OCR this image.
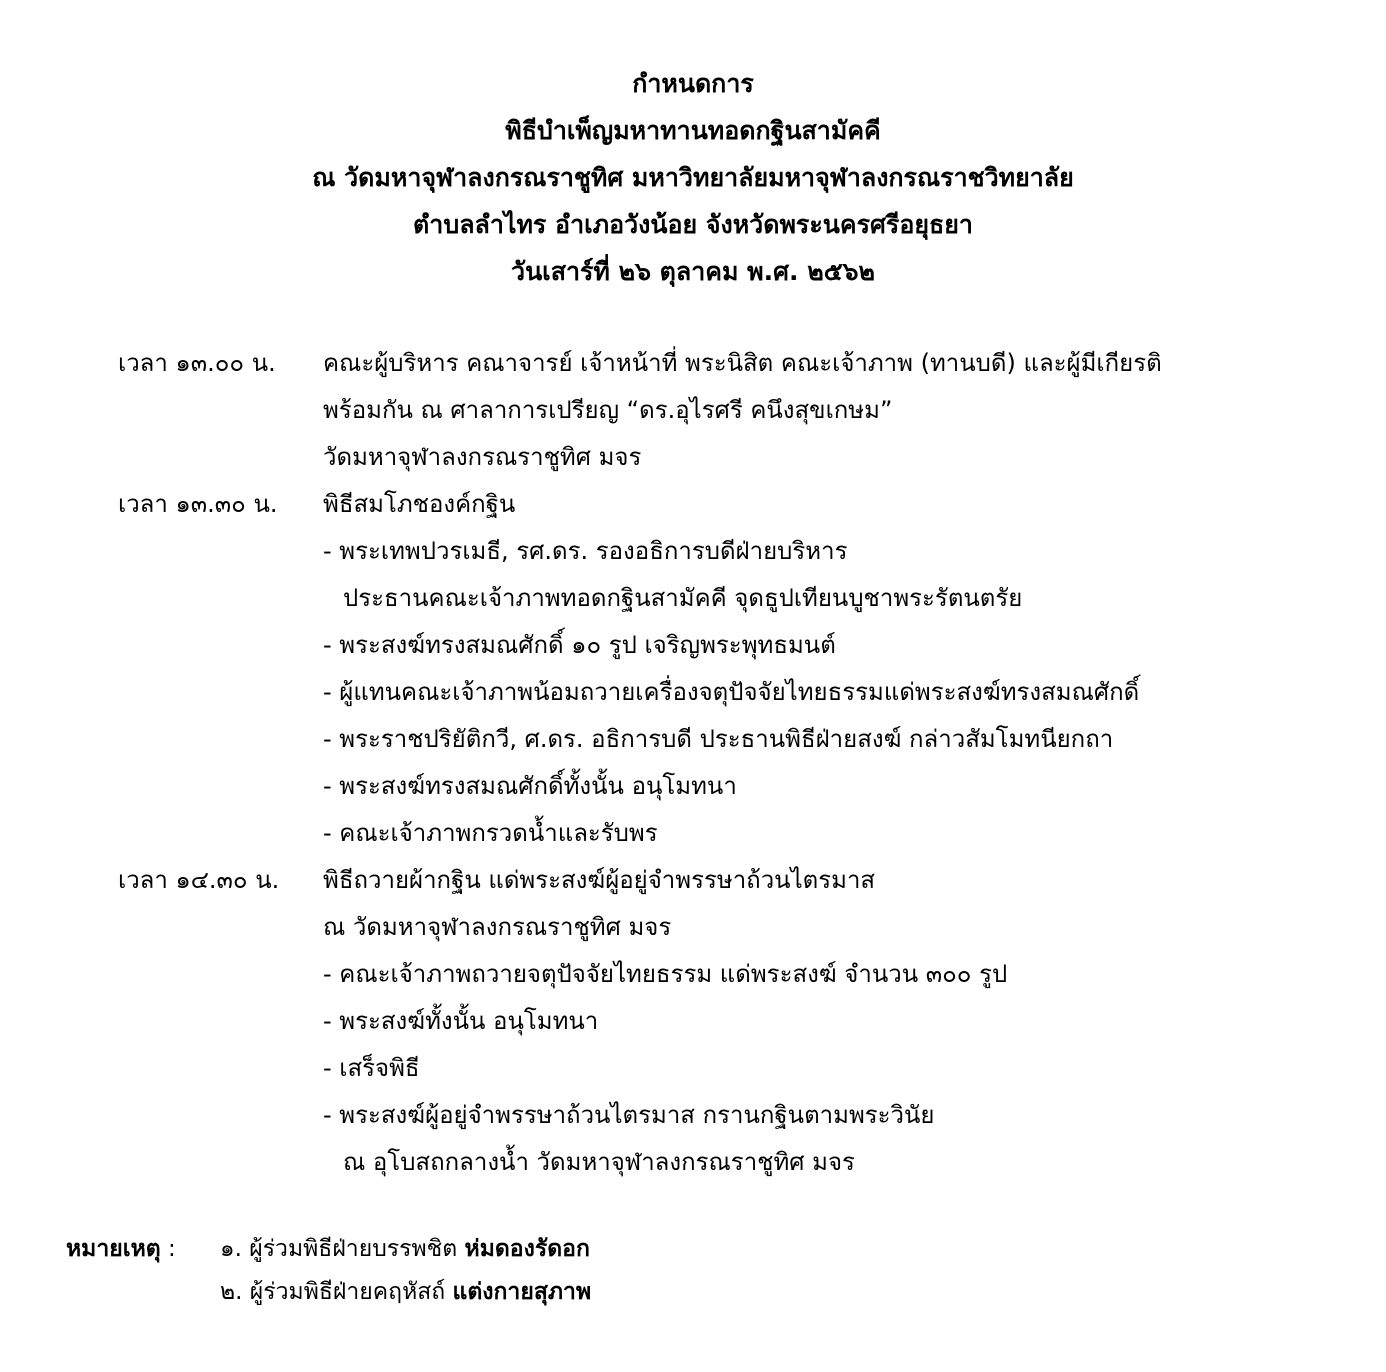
กำหนดการ
พิธีบำเพ็ญมหาทานทอดกฐินสามัคคี
ณ วัดมหาจุฬาลงกรณราชูทิศ มหาวิทยาลัยมหาจุฬาลงกรณราชวิทยาลัย
ตำบลลำไทร อำเภอวังน้อย จังหวัดพระนครศรีอยุธยา
วันเสาร์ที่ ๒๖ ตุลาคม พ.ศ. ๒๕๖๒
เวลา ๑๓.๐๐ น.	คณะผู้บริหาร คณาจารย์ เจ้าหน้าที่ พระนิสิต คณะเจ้าภาพ (ทานบดี) และผู้มีเกียรติ
พร้อมกัน ณ ศาลาการเปรียญ “ดร.อุไรศรี คนึงสุขเกษม”
วัดมหาจุฬาลงกรณราชูทิศ มจร
เวลา ๑๓.๓๐ น.	พิธีสมโภชองค์กฐิน
- พระเทพปวรเมธี, รศ.ดร. รองอธิการบดีฝ่ายบริหาร
ประธานคณะเจ้าภาพทอดกฐินสามัคคี จุดธูปเทียนบูชาพระรัตนตรัย
- พระสงฆ์ทรงสมณศักดิ์ ๑๐ รูป เจริญพระพุทธมนต์
- ผู้แทนคณะเจ้าภาพน้อมถวายเครื่องจตุปัจจัยไทยธรรมแด่พระสงฆ์ทรงสมณศักดิ์
- พระราชปริยัติกวี, ศ.ดร. อธิการบดี ประธานพิธีฝ่ายสงฆ์ กล่าวสัมโมทนียกถา
- พระสงฆ์ทรงสมณศักดิ์ทั้งนั้น อนุโมทนา
- คณะเจ้าภาพกรวดน้ำและรับพร
เวลา ๑๔.๓๐ น.	พิธีถวายผ้ากฐิน แด่พระสงฆ์ผู้อยู่จำพรรษาถ้วนไตรมาส
ณ วัดมหาจุฬาลงกรณราชูทิศ มจร
- คณะเจ้าภาพถวายจตุปัจจัยไทยธรรม แด่พระสงฆ์ จำนวน ๓๐๐ รูป
- พระสงฆ์ทั้งนั้น อนุโมทนา
- เสร็จพิธี
- พระสงฆ์ผู้อยู่จำพรรษาถ้วนไตรมาส กรานกฐินตามพระวินัย
ณ อุโบสถกลางน้ำ วัดมหาจุฬาลงกรณราชูทิศ มจร
หมายเหตุ :	๑. ผู้ร่วมพิธีฝ่ายบรรพชิต ห่มดองรัดอก
๒. ผู้ร่วมพิธีฝ่ายคฤหัสถ์ แต่งกายสุภาพ
